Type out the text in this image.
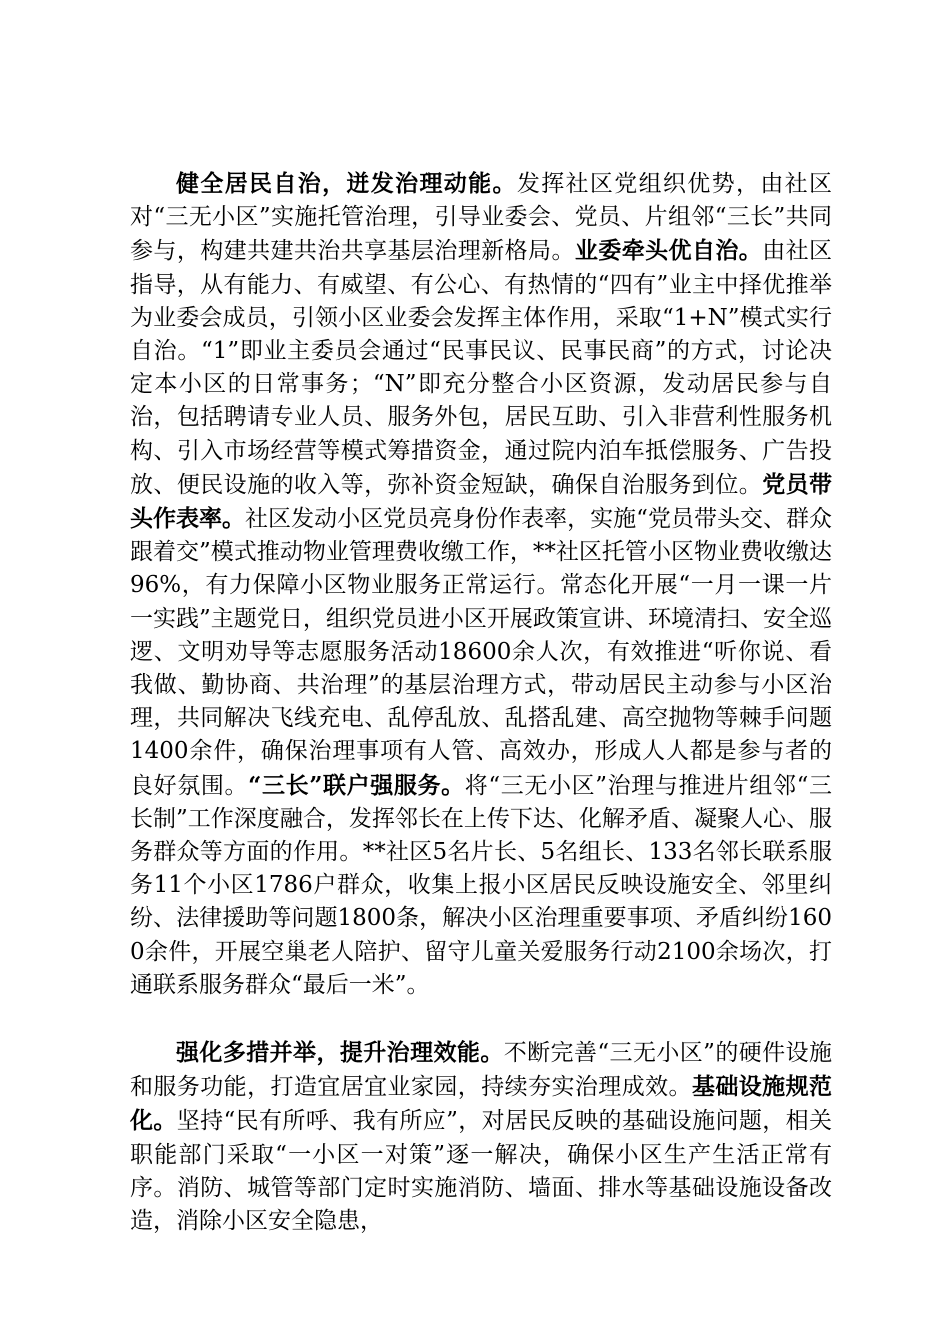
健全居民自治，迸发治理动能。发挥社区党组织优势，由社区对“三无小区”实施托管治理，引导业委会、党员、片组邻“三长”共同参与，构建共建共治共享基层治理新格局。业委牵头优自治。由社区指导，从有能力、有威望、有公心、有热情的“四有”业主中择优推举为业委会成员，引领小区业委会发挥主体作用，采取“1+N”模式实行自治。“1”即业主委员会通过“民事民议、民事民商”的方式，讨论决定本小区的日常事务；“N”即充分整合小区资源，发动居民参与自治，包括聘请专业人员、服务外包，居民互助、引入非营利性服务机构、引入市场经营等模式筹措资金，通过院内泊车抵偿服务、广告投放、便民设施的收入等，弥补资金短缺，确保自治服务到位。党员带头作表率。社区发动小区党员亮身份作表率，实施“党员带头交、群众跟着交”模式推动物业管理费收缴工作，**社区托管小区物业费收缴达96%，有力保障小区物业服务正常运行。常态化开展“一月一课一片一实践”主题党日，组织党员进小区开展政策宣讲、环境清扫、安全巡逻、文明劝导等志愿服务活动18600余人次，有效推进“听你说、看我做、勤协商、共治理”的基层治理方式，带动居民主动参与小区治理，共同解决飞线充电、乱停乱放、乱搭乱建、高空抛物等棘手问题1400余件，确保治理事项有人管、高效办，形成人人都是参与者的良好氛围。“三长”联户强服务。将“三无小区”治理与推进片组邻“三长制”工作深度融合，发挥邻长在上传下达、化解矛盾、凝聚人心、服务群众等方面的作用。**社区5名片长、5名组长、133名邻长联系服务11个小区1786户群众，收集上报小区居民反映设施安全、邻里纠纷、法律援助等问题1800条，解决小区治理重要事项、矛盾纠纷1600余件，开展空巢老人陪护、留守儿童关爱服务行动2100余场次，打通联系服务群众“最后一米”。

强化多措并举，提升治理效能。不断完善“三无小区”的硬件设施和服务功能，打造宜居宜业家园，持续夯实治理成效。基础设施规范化。坚持“民有所呼、我有所应”，对居民反映的基础设施问题，相关职能部门采取“一小区一对策”逐一解决，确保小区生产生活正常有序。消防、城管等部门定时实施消防、墙面、排水等基础设施设备改造，消除小区安全隐患，
